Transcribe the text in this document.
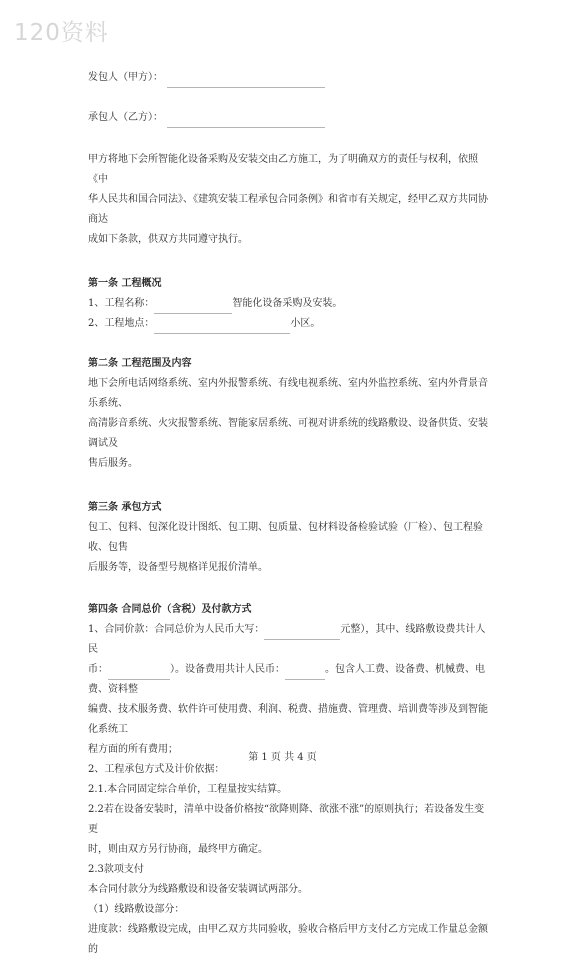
120资料
发包人（甲方）：
承包人（乙方）：

甲方将地下会所智能化设备采购及安装交由乙方施工，为了明确双方的责任与权利，依照《中

华人民共和国合同法》、《建筑安装工程承包合同条例》和省市有关规定，经甲乙双方共同协商达

成如下条款，供双方共同遵守执行。

第一条 工程概况

1、工程名称：	智能化设备采购及安装。

2、工程地点：	小区。

第二条 工程范围及内容

地下会所电话网络系统、室内外报警系统、有线电视系统、室内外监控系统、室内外背景音乐系统、

高清影音系统、火灾报警系统、智能家居系统、可视对讲系统的线路敷设、设备供货、安装调试及

售后服务。

第三条 承包方式

包工、包料、包深化设计图纸、包工期、包质量、包材料设备检验试验（厂检）、包工程验收、包售

后服务等，设备型号规格详见报价清单。

第四条 合同总价（含税）及付款方式

1、合同价款：合同总价为人民币大写：	元整），其中、线路敷设费共计人民

币：	）。设备费用共计人民币：	。包含人工费、设备费、机械费、电费、资料整

编费、技术服务费、软件许可使用费、利润、税费、措施费、管理费、培训费等涉及到智能化系统工

程方面的所有费用；

2、工程承包方式及计价依据：

2.1.本合同固定综合单价，工程量按实结算。

2.2若在设备安装时，清单中设备价格按“欲降则降、欲涨不涨”的原则执行；若设备发生变更

时，则由双方另行协商，最终甲方确定。

2.3款项支付

本合同付款分为线路敷设和设备安装调试两部分。

（1）线路敷设部分：

进度款：线路敷设完成，由甲乙双方共同验收，验收合格后甲方支付乙方完成工作量总金额的

第 1 页 共 4 页
